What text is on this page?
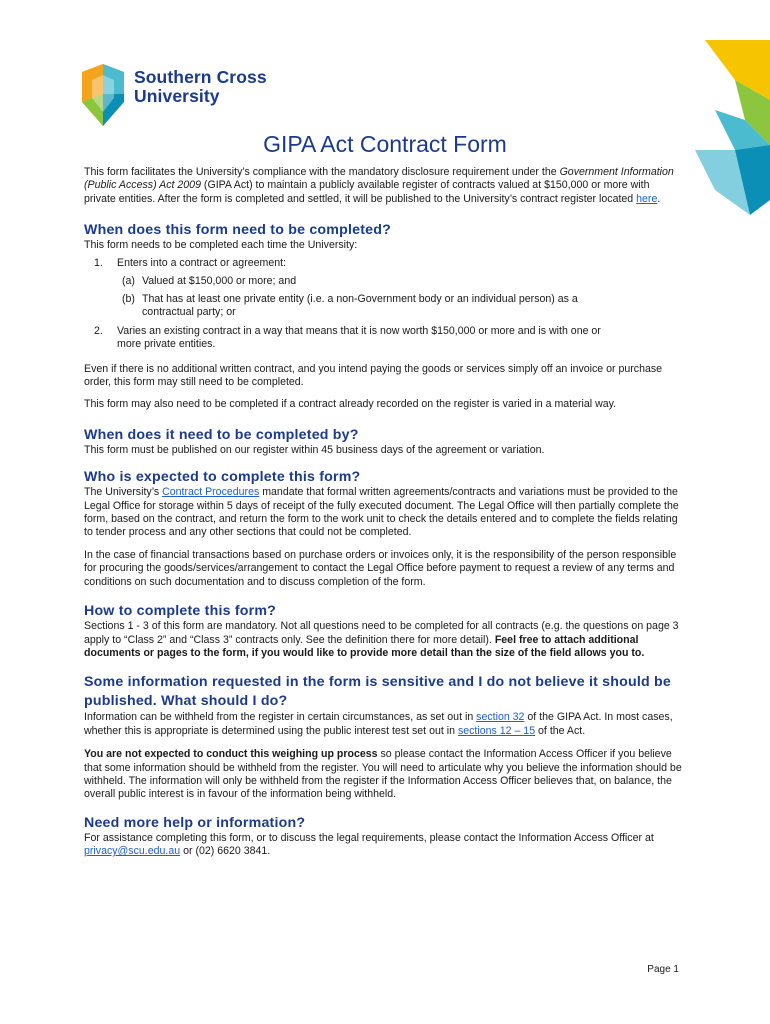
Southern Cross
University
GIPA Act Contract Form

This form facilitates the University’s compliance with the mandatory disclosure requirement under the Government Information (Public Access) Act 2009 (GIPA Act) to maintain a publicly available register of contracts valued at $150,000 or more with private entities. After the form is completed and settled, it will be published to the University’s contract register located here.

When does this form need to be completed?

This form needs to be completed each time the University:

1. Enters into a contract or agreement:
(a) Valued at $150,000 or more; and
(b) That has at least one private entity (i.e. a non-Government body or an individual person) as a
contractual party; or
2. Varies an existing contract in a way that means that it is now worth $150,000 or more and is with one or
more private entities.

Even if there is no additional written contract, and you intend paying the goods or services simply off an invoice or purchase order, this form may still need to be completed.

This form may also need to be completed if a contract already recorded on the register is varied in a material way.

When does it need to be completed by?

This form must be published on our register within 45 business days of the agreement or variation.

Who is expected to complete this form?

The University’s Contract Procedures mandate that formal written agreements/contracts and variations must be provided to the Legal Office for storage within 5 days of receipt of the fully executed document. The Legal Office will then partially complete the form, based on the contract, and return the form to the work unit to check the details entered and to complete the fields relating to tender process and any other sections that could not be completed.

In the case of financial transactions based on purchase orders or invoices only, it is the responsibility of the person responsible for procuring the goods/services/arrangement to contact the Legal Office before payment to request a review of any terms and conditions on such documentation and to discuss completion of the form.

How to complete this form?

Sections 1 - 3 of this form are mandatory. Not all questions need to be completed for all contracts (e.g. the questions on page 3 apply to “Class 2” and “Class 3” contracts only. See the definition there for more detail). Feel free to attach additional documents or pages to the form, if you would like to provide more detail than the size of the field allows you to.

Some information requested in the form is sensitive and I do not believe it should be published. What should I do?

Information can be withheld from the register in certain circumstances, as set out in section 32 of the GIPA Act. In most cases, whether this is appropriate is determined using the public interest test set out in sections 12 – 15 of the Act.

You are not expected to conduct this weighing up process so please contact the Information Access Officer if you believe that some information should be withheld from the register. You will need to articulate why you believe the information should be withheld. The information will only be withheld from the register if the Information Access Officer believes that, on balance, the overall public interest is in favour of the information being withheld.

Need more help or information?

For assistance completing this form, or to discuss the legal requirements, please contact the Information Access Officer at privacy@scu.edu.au or (02) 6620 3841.

Page 1
